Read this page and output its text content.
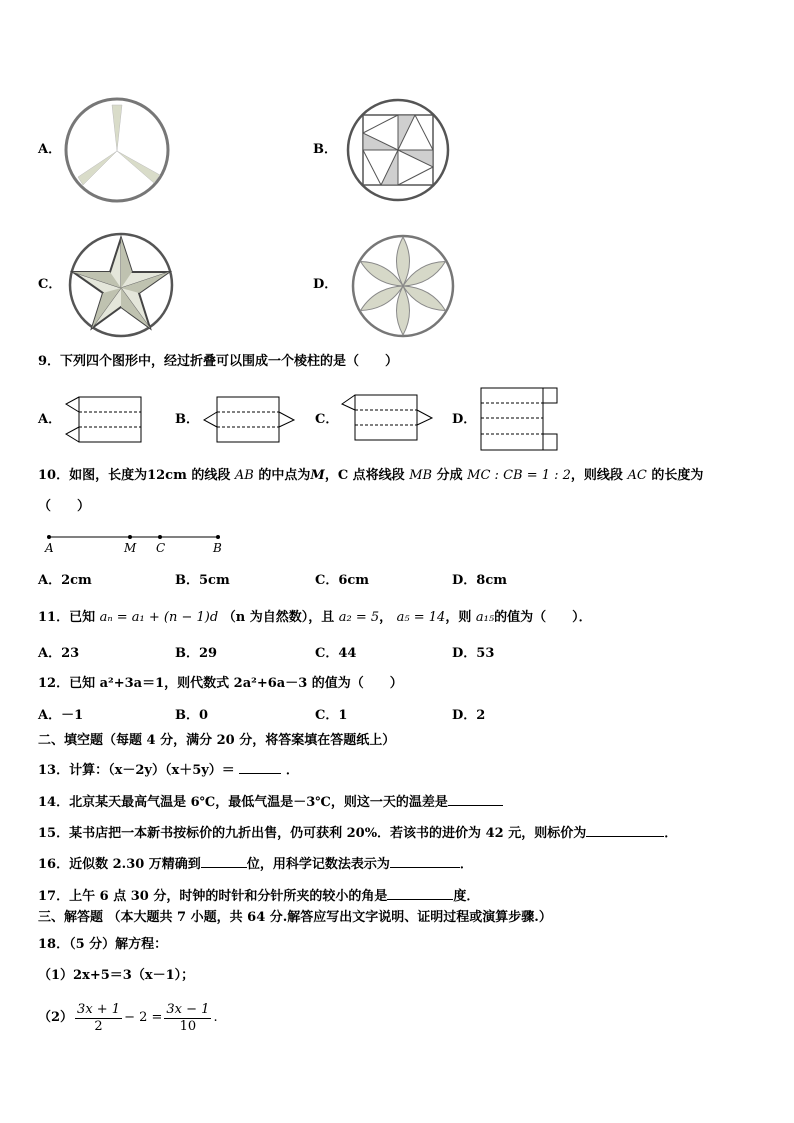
A．	B．
C．	D．
9．下列四个图形中，经过折叠可以围成一个棱柱的是（　　）
A．	B．	C．	D．
10．如图，长度为12cm 的线段 AB 的中点为M，C 点将线段 MB 分成 MC : CB = 1 : 2，则线段 AC 的长度为
（　　）
A	M C	B
A．2cm	B．5cm	C．6cm	D．8cm
11．已知 aₙ = a₁ + (n − 1)d （n 为自然数），且 a₂ = 5， a₅ = 14，则 a₁₅的值为（　　）．
A．23	B．29	C．44	D．53
12．已知 a²+3a＝1，则代数式 2a²+6a－3 的值为（　　）
A．－1	B．0	C．1	D．2
二、填空题（每题 4 分，满分 20 分，将答案填在答题纸上）
13．计算：（x－2y）（x＋5y）＝	．
14．北京某天最高气温是 6℃，最低气温是－3℃，则这一天的温差是
15．某书店把一本新书按标价的九折出售，仍可获利 20%．若该书的进价为 42 元，则标价为	．
16．近似数 2.30 万精确到	位，用科学记数法表示为	．
17．上午 6 点 30 分，时钟的时针和分针所夹的较小的角是	度．
三、解答题 （本大题共 7 小题，共 64 分.解答应写出文字说明、证明过程或演算步骤.）
18．（5 分）解方程：
（1）2x+5＝3（x－1）；
$(2) \frac{3x + 1}{2} - 2 = \frac{3x - 1}{10}$ .
